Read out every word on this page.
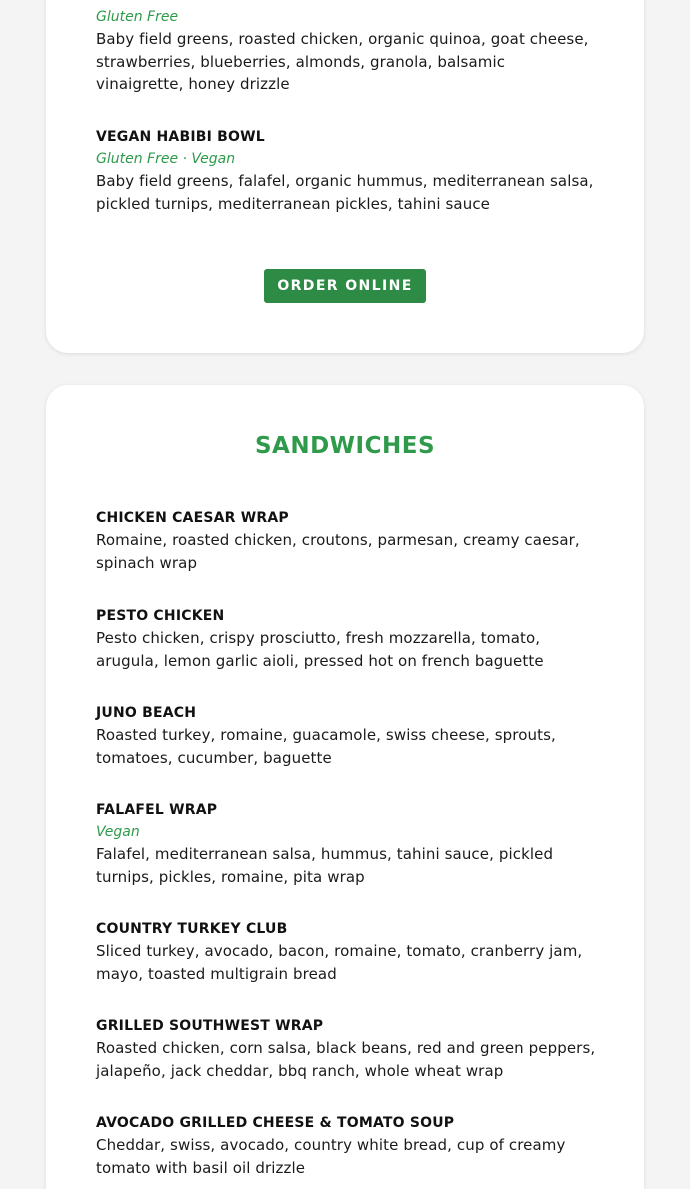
Gluten Free

Baby field greens, roasted chicken, organic quinoa, goat cheese, strawberries, blueberries, almonds, granola, balsamic vinaigrette, honey drizzle

VEGAN HABIBI BOWL

Gluten Free · Vegan

Baby field greens, falafel, organic hummus, mediterranean salsa, pickled turnips, mediterranean pickles, tahini sauce

ORDER ONLINE
SANDWICHES

CHICKEN CAESAR WRAP

Romaine, roasted chicken, croutons, parmesan, creamy caesar, spinach wrap

PESTO CHICKEN

Pesto chicken, crispy prosciutto, fresh mozzarella, tomato, arugula, lemon garlic aioli, pressed hot on french baguette

JUNO BEACH

Roasted turkey, romaine, guacamole, swiss cheese, sprouts, tomatoes, cucumber, baguette

FALAFEL WRAP

Vegan

Falafel, mediterranean salsa, hummus, tahini sauce, pickled turnips, pickles, romaine, pita wrap

COUNTRY TURKEY CLUB

Sliced turkey, avocado, bacon, romaine, tomato, cranberry jam, mayo, toasted multigrain bread

GRILLED SOUTHWEST WRAP

Roasted chicken, corn salsa, black beans, red and green peppers, jalapeño, jack cheddar, bbq ranch, whole wheat wrap

AVOCADO GRILLED CHEESE & TOMATO SOUP

Cheddar, swiss, avocado, country white bread, cup of creamy tomato with basil oil drizzle
